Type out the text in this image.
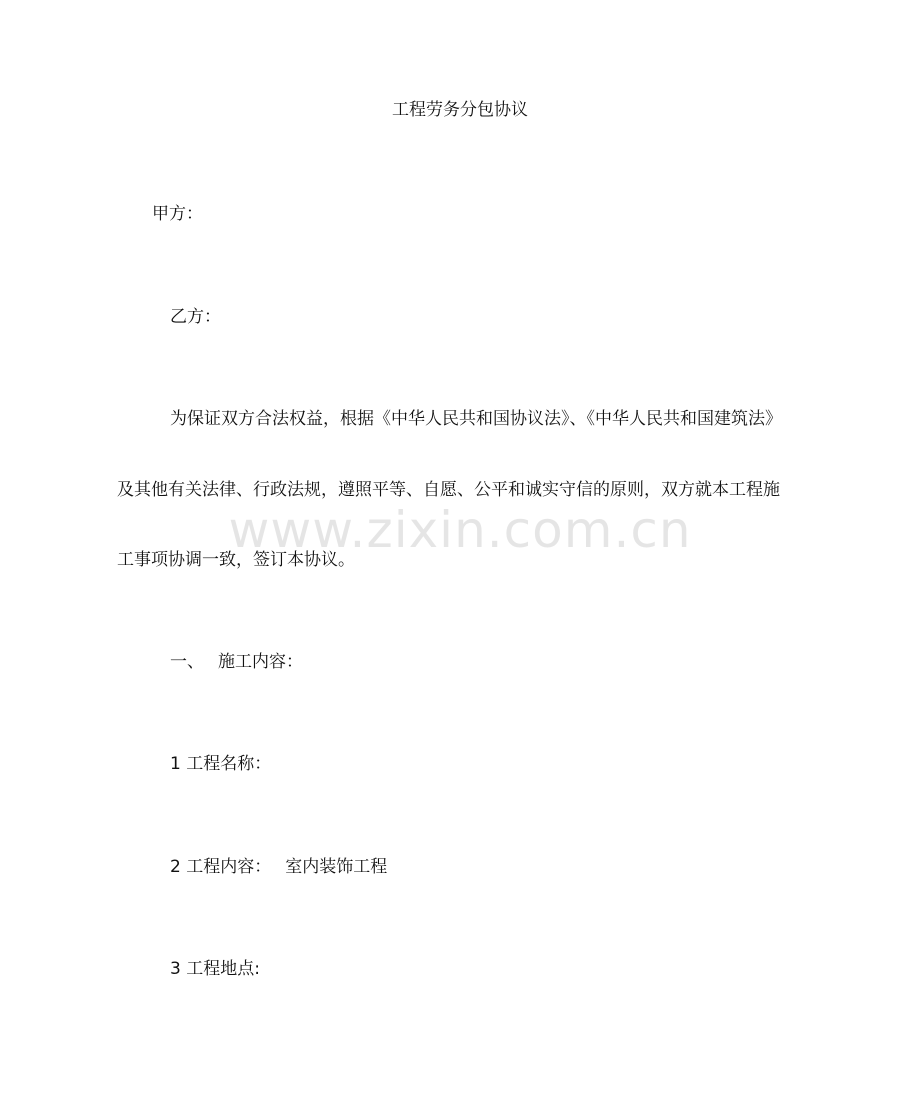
工程劳务分包协议
甲方：
乙方：
为保证双方合法权益，根据《中华人民共和国协议法》、《中华人民共和国建筑法》
及其他有关法律、行政法规，遵照平等、自愿、公平和诚实守信的原则，双方就本工程施
工事项协调一致，签订本协议。
一、 施工内容：
1 工程名称：
2 工程内容： 室内装饰工程
3 工程地点:
www.zixin.com.cn
